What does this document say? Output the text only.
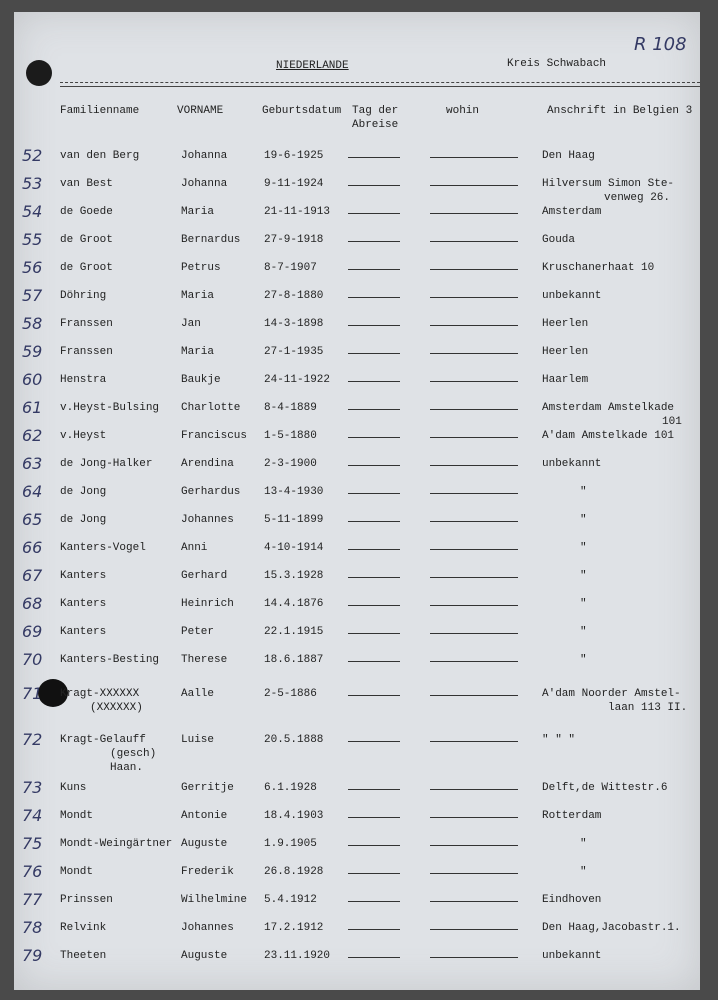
NIEDERLANDE	Kreis Schwabach
R 108
Familienname	VORNAME	Geburtsdatum Tag der
Abreise
wohin	Anschrift in Belgien 3
52 van den Berg	Johanna	19-6-1925	Den Haag
53 van Best	Johanna	9-11-1924	Hilversum Simon Ste-
venweg 26.
54 de Goede	Maria	21-11-1913	Amsterdam
55 de Groot	Bernardus 27-9-1918	Gouda
56 de Groot	Petrus	8-7-1907	Kruschanerhaat 10
57 Döhring	Maria	27-8-1880	unbekannt
58 Franssen	Jan	14-3-1898	Heerlen
59 Franssen	Maria	27-1-1935	Heerlen
60 Henstra	Baukje	24-11-1922	Haarlem
61 v.Heyst-Bulsing Charlotte 8-4-1889	Amsterdam Amstelkade
101
62 v.Heyst	Franciscus 1-5-1880	A'dam Amstelkade 101
63 de Jong-Halker	Arendina	2-3-1900	unbekannt
64 de Jong	Gerhardus 13-4-1930	"
65 de Jong	Johannes	5-11-1899	"
66 Kanters-Vogel	Anni	4-10-1914	"
67 Kanters	Gerhard	15.3.1928	"
68 Kanters	Heinrich	14.4.1876	"
69 Kanters	Peter	22.1.1915	"
70 Kanters-Besting Therese	18.6.1887	"
71 Kragt-XXXXXX
(XXXXXX)
Aalle	2-5-1886	A'dam Noorder Amstel-
laan 113 II.
72 Kragt-Gelauff
(gesch)
Haan.
Luise	20.5.1888	" " "
73 Kuns	Gerritje	6.1.1928	Delft,de Wittestr.6
74 Mondt	Antonie	18.4.1903	Rotterdam
75 Mondt-Weingärtner Auguste	1.9.1905	"
76 Mondt	Frederik	26.8.1928	"
77 Prinssen	Wilhelmine 5.4.1912	Eindhoven
78 Relvink	Johannes	17.2.1912	Den Haag,Jacobastr.1.
79 Theeten	Auguste	23.11.1920	unbekannt
